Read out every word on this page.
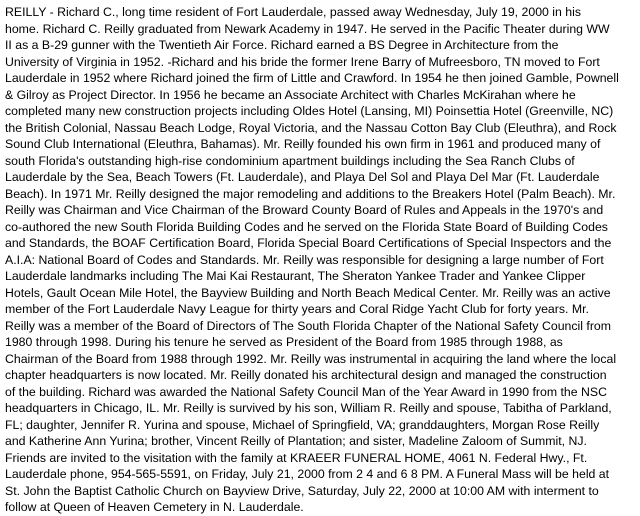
REILLY - Richard C., long time resident of Fort Lauderdale, passed away Wednesday, July 19, 2000 in his
home. Richard C. Reilly graduated from Newark Academy in 1947. He served in the Pacific Theater during WW
II as a B-29 gunner with the Twentieth Air Force. Richard earned a BS Degree in Architecture from the
University of Virginia in 1952. -Richard and his bride the former Irene Barry of Mufreesboro, TN moved to Fort
Lauderdale in 1952 where Richard joined the firm of Little and Crawford. In 1954 he then joined Gamble, Pownell
& Gilroy as Project Director. In 1956 he became an Associate Architect with Charles McKirahan where he
completed many new construction projects including Oldes Hotel (Lansing, MI) Poinsettia Hotel (Greenville, NC)
the British Colonial, Nassau Beach Lodge, Royal Victoria, and the Nassau Cotton Bay Club (Eleuthra), and Rock
Sound Club International (Eleuthra, Bahamas). Mr. Reilly founded his own firm in 1961 and produced many of
south Florida's outstanding high-rise condominium apartment buildings including the Sea Ranch Clubs of
Lauderdale by the Sea, Beach Towers (Ft. Lauderdale), and Playa Del Sol and Playa Del Mar (Ft. Lauderdale
Beach). In 1971 Mr. Reilly designed the major remodeling and additions to the Breakers Hotel (Palm Beach). Mr.
Reilly was Chairman and Vice Chairman of the Broward County Board of Rules and Appeals in the 1970's and
co-authored the new South Florida Building Codes and he served on the Florida State Board of Building Codes
and Standards, the BOAF Certification Board, Florida Special Board Certifications of Special Inspectors and the
A.I.A: National Board of Codes and Standards. Mr. Reilly was responsible for designing a large number of Fort
Lauderdale landmarks including The Mai Kai Restaurant, The Sheraton Yankee Trader and Yankee Clipper
Hotels, Gault Ocean Mile Hotel, the Bayview Building and North Beach Medical Center. Mr. Reilly was an active
member of the Fort Lauderdale Navy League for thirty years and Coral Ridge Yacht Club for forty years. Mr.
Reilly was a member of the Board of Directors of The South Florida Chapter of the National Safety Council from
1980 through 1998. During his tenure he served as President of the Board from 1985 through 1988, as
Chairman of the Board from 1988 through 1992. Mr. Reilly was instrumental in acquiring the land where the local
chapter headquarters is now located. Mr. Reilly donated his architectural design and managed the construction
of the building. Richard was awarded the National Safety Council Man of the Year Award in 1990 from the NSC
headquarters in Chicago, IL. Mr. Reilly is survived by his son, William R. Reilly and spouse, Tabitha of Parkland,
FL; daughter, Jennifer R. Yurina and spouse, Michael of Springfield, VA; granddaughters, Morgan Rose Reilly
and Katherine Ann Yurina; brother, Vincent Reilly of Plantation; and sister, Madeline Zaloom of Summit, NJ.
Friends are invited to the visitation with the family at KRAEER FUNERAL HOME, 4061 N. Federal Hwy., Ft.
Lauderdale phone, 954-565-5591, on Friday, July 21, 2000 from 2 4 and 6 8 PM. A Funeral Mass will be held at
St. John the Baptist Catholic Church on Bayview Drive, Saturday, July 22, 2000 at 10:00 AM with interment to
follow at Queen of Heaven Cemetery in N. Lauderdale.
